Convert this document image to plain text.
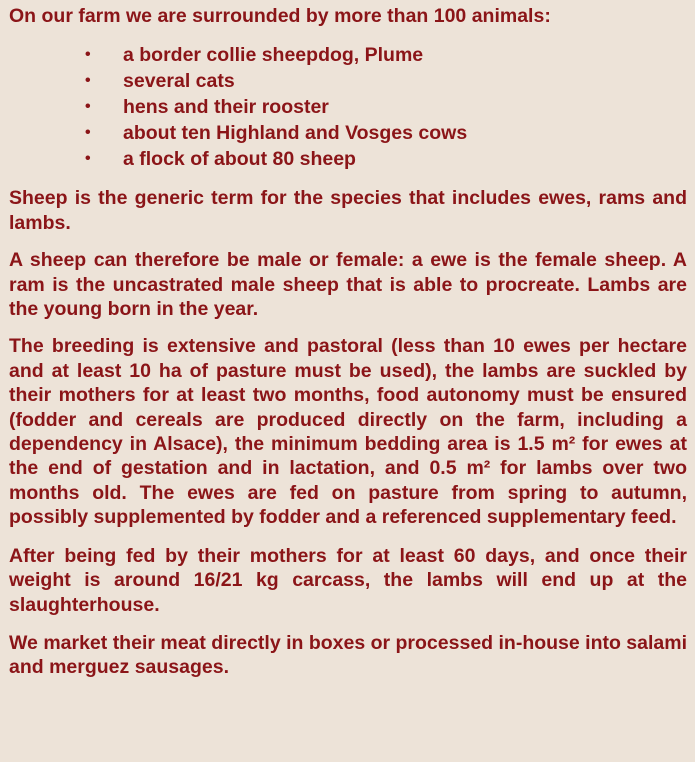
On our farm we are surrounded by more than 100 animals:

• a border collie sheepdog, Plume
• several cats
• hens and their rooster
• about ten Highland and Vosges cows
• a flock of about 80 sheep

Sheep is the generic term for the species that includes ewes, rams and lambs.

A sheep can therefore be male or female: a ewe is the female sheep. A ram is the uncastrated male sheep that is able to procreate. Lambs are the young born in the year.

The breeding is extensive and pastoral (less than 10 ewes per hectare and at least 10 ha of pasture must be used), the lambs are suckled by their mothers for at least two months, food autonomy must be ensured (fodder and cereals are produced directly on the farm, including a dependency in Alsace), the minimum bedding area is 1.5 m² for ewes at the end of gestation and in lactation, and 0.5 m² for lambs over two months old. The ewes are fed on pasture from spring to autumn, possibly supplemented by fodder and a referenced supplementary feed.

After being fed by their mothers for at least 60 days, and once their weight is around 16/21 kg carcass, the lambs will end up at the slaughterhouse.

We market their meat directly in boxes or processed in-house into salami and merguez sausages.
